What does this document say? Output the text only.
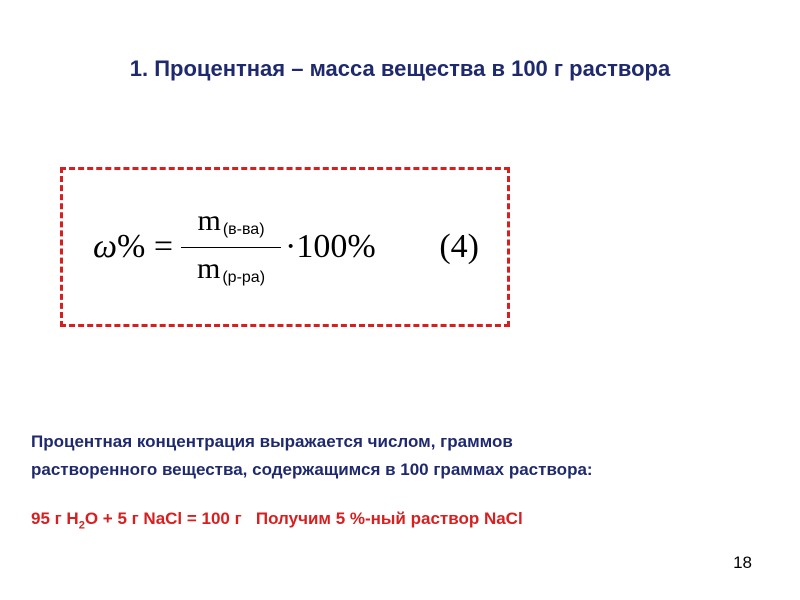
1. Процентная – масса вещества в 100 г раствора
ω % = $\frac{m_{(в-ва)}}{m_{(р-ра)}} \cdot 100\%$ (4)
Процентная концентрация выражается числом, граммов
растворенного вещества, содержащимся в 100 граммах раствора:
95 г $H_2O + 5$ г NaCl = 100 г   Получим 5 %-ный раствор NaCl
18
